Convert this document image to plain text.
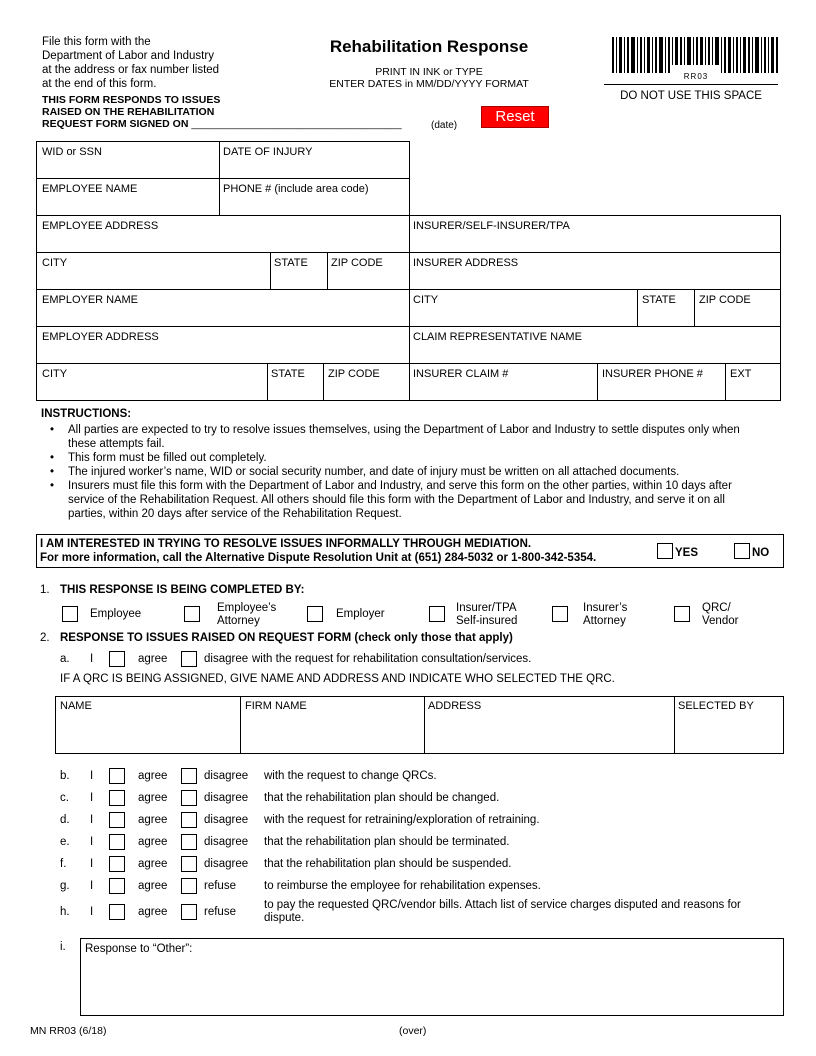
File this form with the
Department of Labor and Industry
at the address or fax number listed
at the end of this form.
THIS FORM RESPONDS TO ISSUES
RAISED ON THE REHABILITATION
REQUEST FORM SIGNED ON ____________________________________	(date)
Rehabilitation Response
PRINT IN INK or TYPE
ENTER DATES in MM/DD/YYYY FORMAT
Reset
RR03
DO NOT USE THIS SPACE
WID or SSN	DATE OF INJURY
EMPLOYEE NAME	PHONE # (include area code)
EMPLOYEE ADDRESS	INSURER/SELF-INSURER/TPA
CITY	STATE ZIP CODE	INSURER ADDRESS
EMPLOYER NAME	CITY	STATE ZIP CODE
EMPLOYER ADDRESS	CLAIM REPRESENTATIVE NAME
CITY	STATE ZIP CODE	INSURER CLAIM #	INSURER PHONE # EXT
INSTRUCTIONS:
• All parties are expected to try to resolve issues themselves, using the Department of Labor and Industry to settle disputes only when
these attempts fail.
• This form must be filled out completely.
• The injured worker’s name, WID or social security number, and date of injury must be written on all attached documents.
• Insurers must file this form with the Department of Labor and Industry, and serve this form on the other parties, within 10 days after
service of the Rehabilitation Request. All others should file this form with the Department of Labor and Industry, and serve it on all
parties, within 20 days after service of the Rehabilitation Request.
I AM INTERESTED IN TRYING TO RESOLVE ISSUES INFORMALLY THROUGH MEDIATION.
For more information, call the Alternative Dispute Resolution Unit at (651) 284-5032 or 1-800-342-5354.	YES	NO
1. THIS RESPONSE IS BEING COMPLETED BY:
Employee	Employee’s
Attorney
Employer	Insurer/TPA
Self-insured
Insurer’s
Attorney
QRC/
Vendor
2. RESPONSE TO ISSUES RAISED ON REQUEST FORM (check only those that apply)
a. I	agree	disagree with the request for rehabilitation consultation/services.
IF A QRC IS BEING ASSIGNED, GIVE NAME AND ADDRESS AND INDICATE WHO SELECTED THE QRC.
NAME	FIRM NAME	ADDRESS	SELECTED BY
b. I	agree	disagree with the request to change QRCs.
c. I	agree	disagree that the rehabilitation plan should be changed.
d. I	agree	disagree with the request for retraining/exploration of retraining.
e. I	agree	disagree that the rehabilitation plan should be terminated.
f. I	agree	disagree that the rehabilitation plan should be suspended.
g. I	agree	refuse to reimburse the employee for rehabilitation expenses.
h. I	agree	refuse
to pay the requested QRC/vendor bills. Attach list of service charges disputed and reasons for
dispute.
i. Response to “Other”:
MN RR03 (6/18)	(over)
